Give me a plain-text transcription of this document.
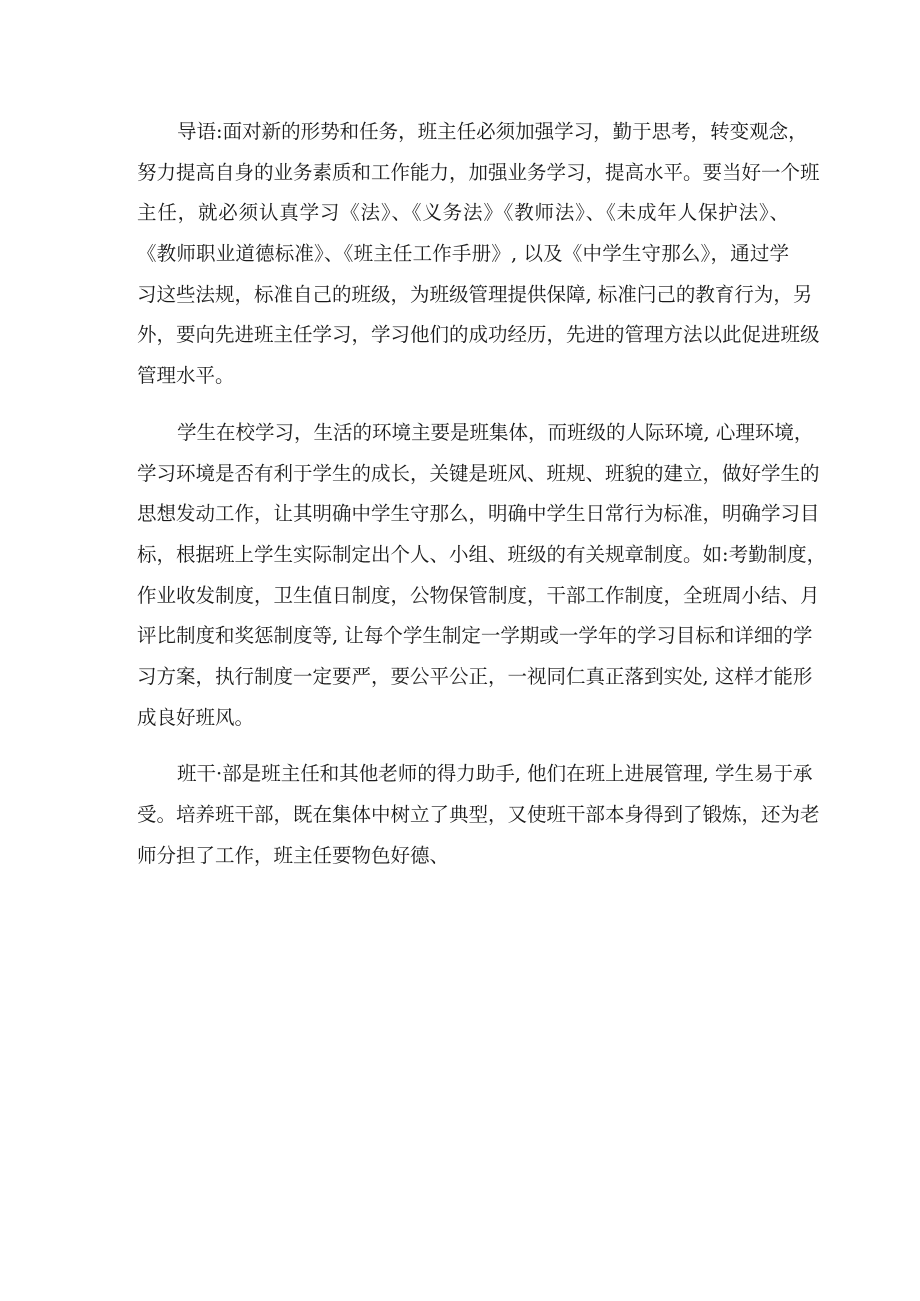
导语:面对新的形势和任务，班主任必须加强学习，勤于思考，转变观念，
努力提高自身的业务素质和工作能力，加强业务学习，提高水平。要当好一个班
主任，就必须认真学习《法》、《义务法》《教师法》、《未成年人保护法》、
《教师职业道德标准》、《班主任工作手册》, 以及《中学生守那么》，通过学
习这些法规，标准自己的班级，为班级管理提供保障, 标准闩己的教育行为，另
外，要向先进班主任学习，学习他们的成功经历，先进的管理方法以此促进班级
管理水平。
学生在校学习，生活的环境主要是班集体，而班级的人际环境, 心理环境，
学习环境是否有利于学生的成长，关键是班风、班规、班貌的建立，做好学生的
思想发动工作，让其明确中学生守那么，明确中学生日常行为标准，明确学习目
标，根据班上学生实际制定出个人、小组、班级的有关规章制度。如:考勤制度，
作业收发制度，卫生值日制度，公物保管制度，干部工作制度，全班周小结、月
评比制度和奖惩制度等, 让每个学生制定一学期或一学年的学习目标和详细的学
习方案，执行制度一定要严，要公平公正，一视同仁真正落到实处, 这样才能形
成良好班风。
班干·部是班主任和其他老师的得力助手, 他们在班上进展管理, 学生易于承
受。培养班干部，既在集体中树立了典型，又使班干部本身得到了锻炼，还为老
师分担了工作，班主任要物色好德、
